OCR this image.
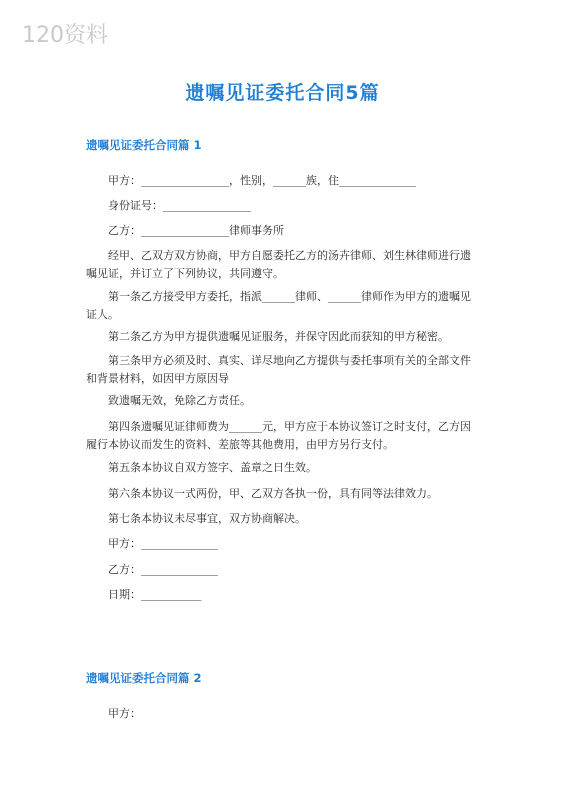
120资料
遗嘱见证委托合同5篇
遗嘱见证委托合同篇 1

甲方：________________，性别，______族，住______________

身份证号：________________

乙方：________________律师事务所

经甲、乙双方双方协商，甲方自愿委托乙方的汤卉律师、刘生林律师进行遗嘱见证，并订立了下列协议，共同遵守。

第一条乙方接受甲方委托，指派______律师、______律师作为甲方的遗嘱见证人。

第二条乙方为甲方提供遗嘱见证服务，并保守因此而获知的甲方秘密。

第三条甲方必须及时、真实、详尽地向乙方提供与委托事项有关的全部文件和背景材料，如因甲方原因导

致遗嘱无效，免除乙方责任。

第四条遗嘱见证律师费为______元，甲方应于本协议签订之时支付，乙方因履行本协议而发生的资料、差旅等其他费用，由甲方另行支付。

第五条本协议自双方签字、盖章之日生效。

第六条本协议一式两份，甲、乙双方各执一份，具有同等法律效力。

第七条本协议未尽事宜，双方协商解决。

甲方：______________

乙方：______________

日期：___________

遗嘱见证委托合同篇 2

甲方：
